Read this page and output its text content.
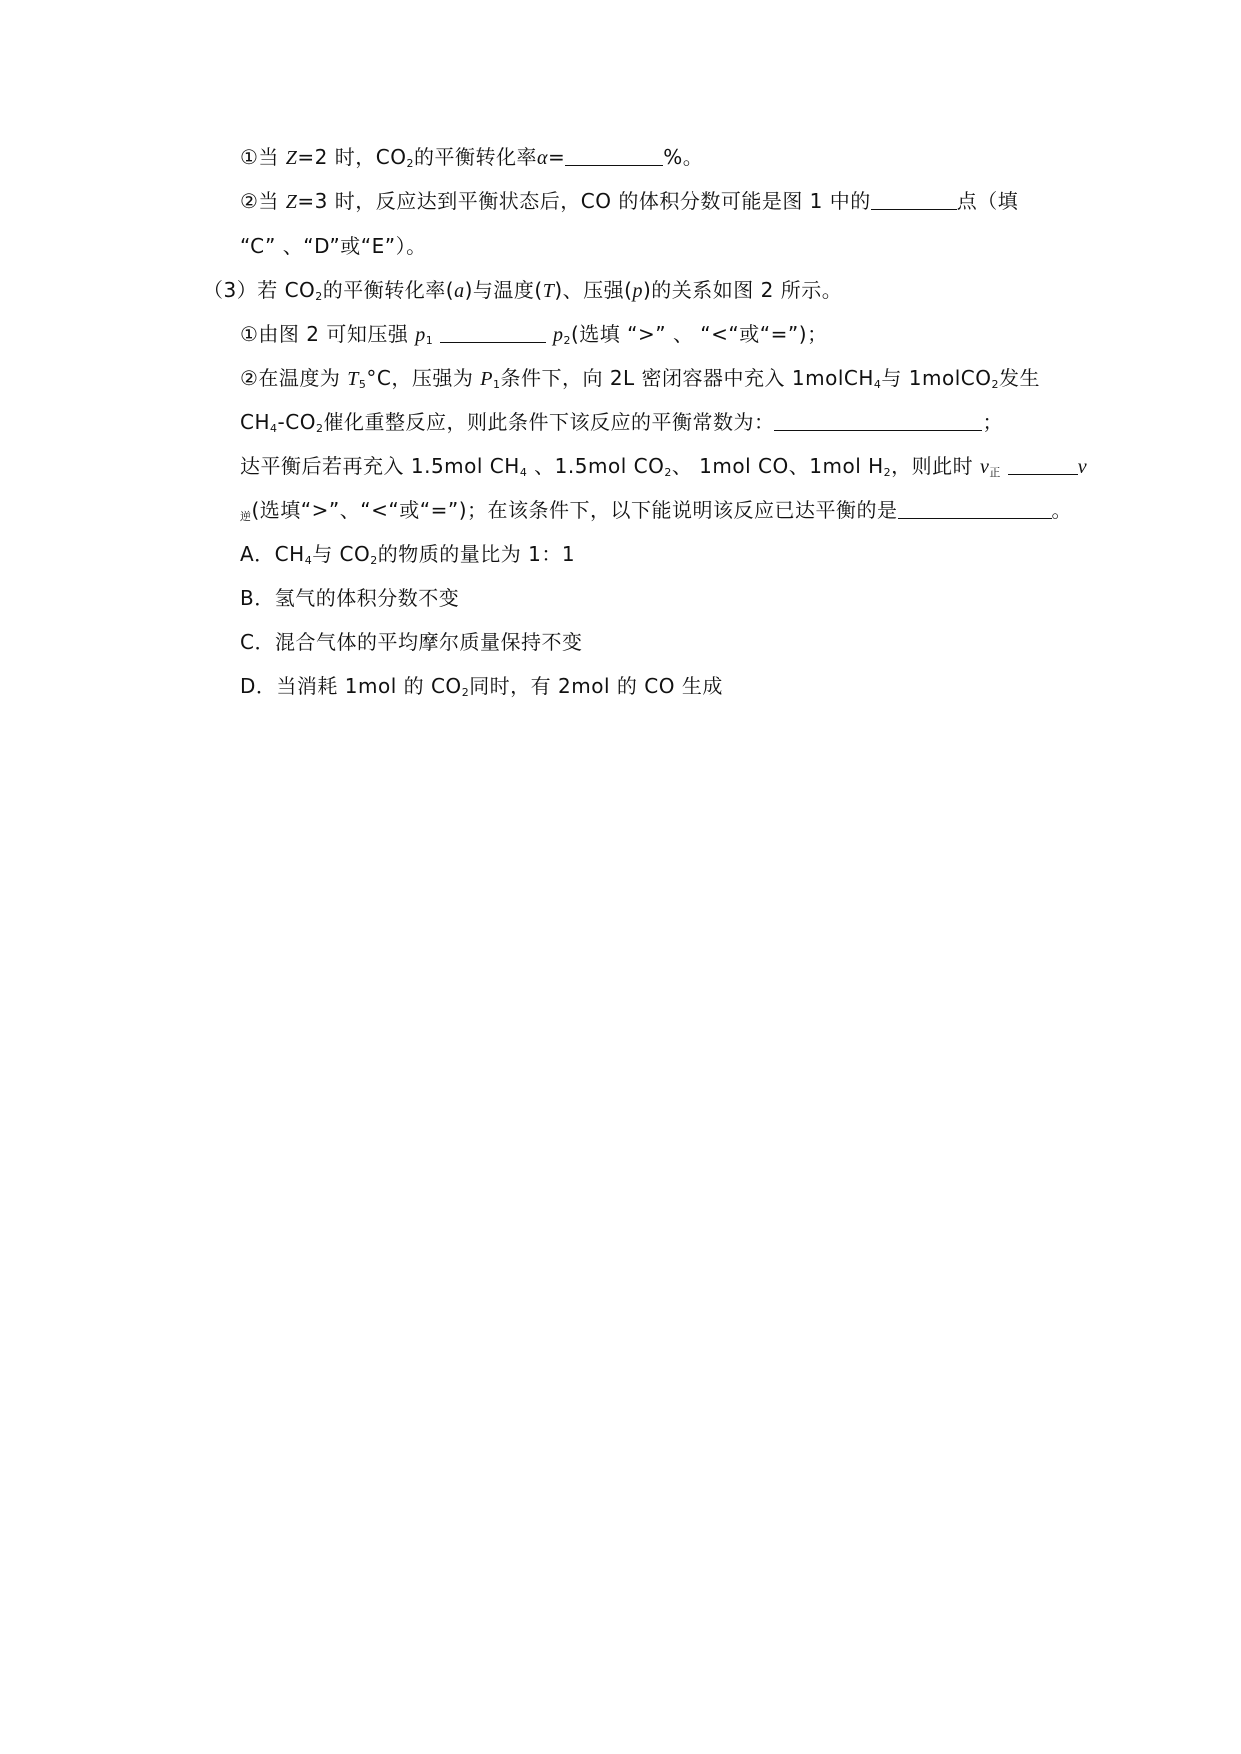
①当 Z=2 时，$CO_2$的平衡转化率α=	%。
②当 Z=3 时，反应达到平衡状态后，CO 的体积分数可能是图 1 中的	点（填
“C” 、“D”或“E”）。
（3）若 $CO_2$的平衡转化率(a)与温度(T)、压强(p)的关系如图 2 所示。
①由图 2 可知压强 $p_1$	$p_2$(选填 “>” 、 “<“或“=”)；
②在温度为 $T_5^\circ C$，压强为 $P_1$条件下，向 2L 密闭容器中充入 1molCH$_4$与 1molCO$_2$发生
$CH_4-CO_2$催化重整反应，则此条件下该反应的平衡常数为：	；
达平衡后若再充入 1.5mol $CH_4$ 、1.5mol $CO_2$、 1mol CO、1mol $H_2$，则此时 $v_正$	v
$_逆$(选填“>”、“<“或“=”)；在该条件下，以下能说明该反应已达平衡的是	。
A．$CH_4$与 $CO_2$的物质的量比为 1：1
B．氢气的体积分数不变
C．混合气体的平均摩尔质量保持不变
D．当消耗 1mol 的 $CO_2$同时，有 2mol 的 CO 生成
